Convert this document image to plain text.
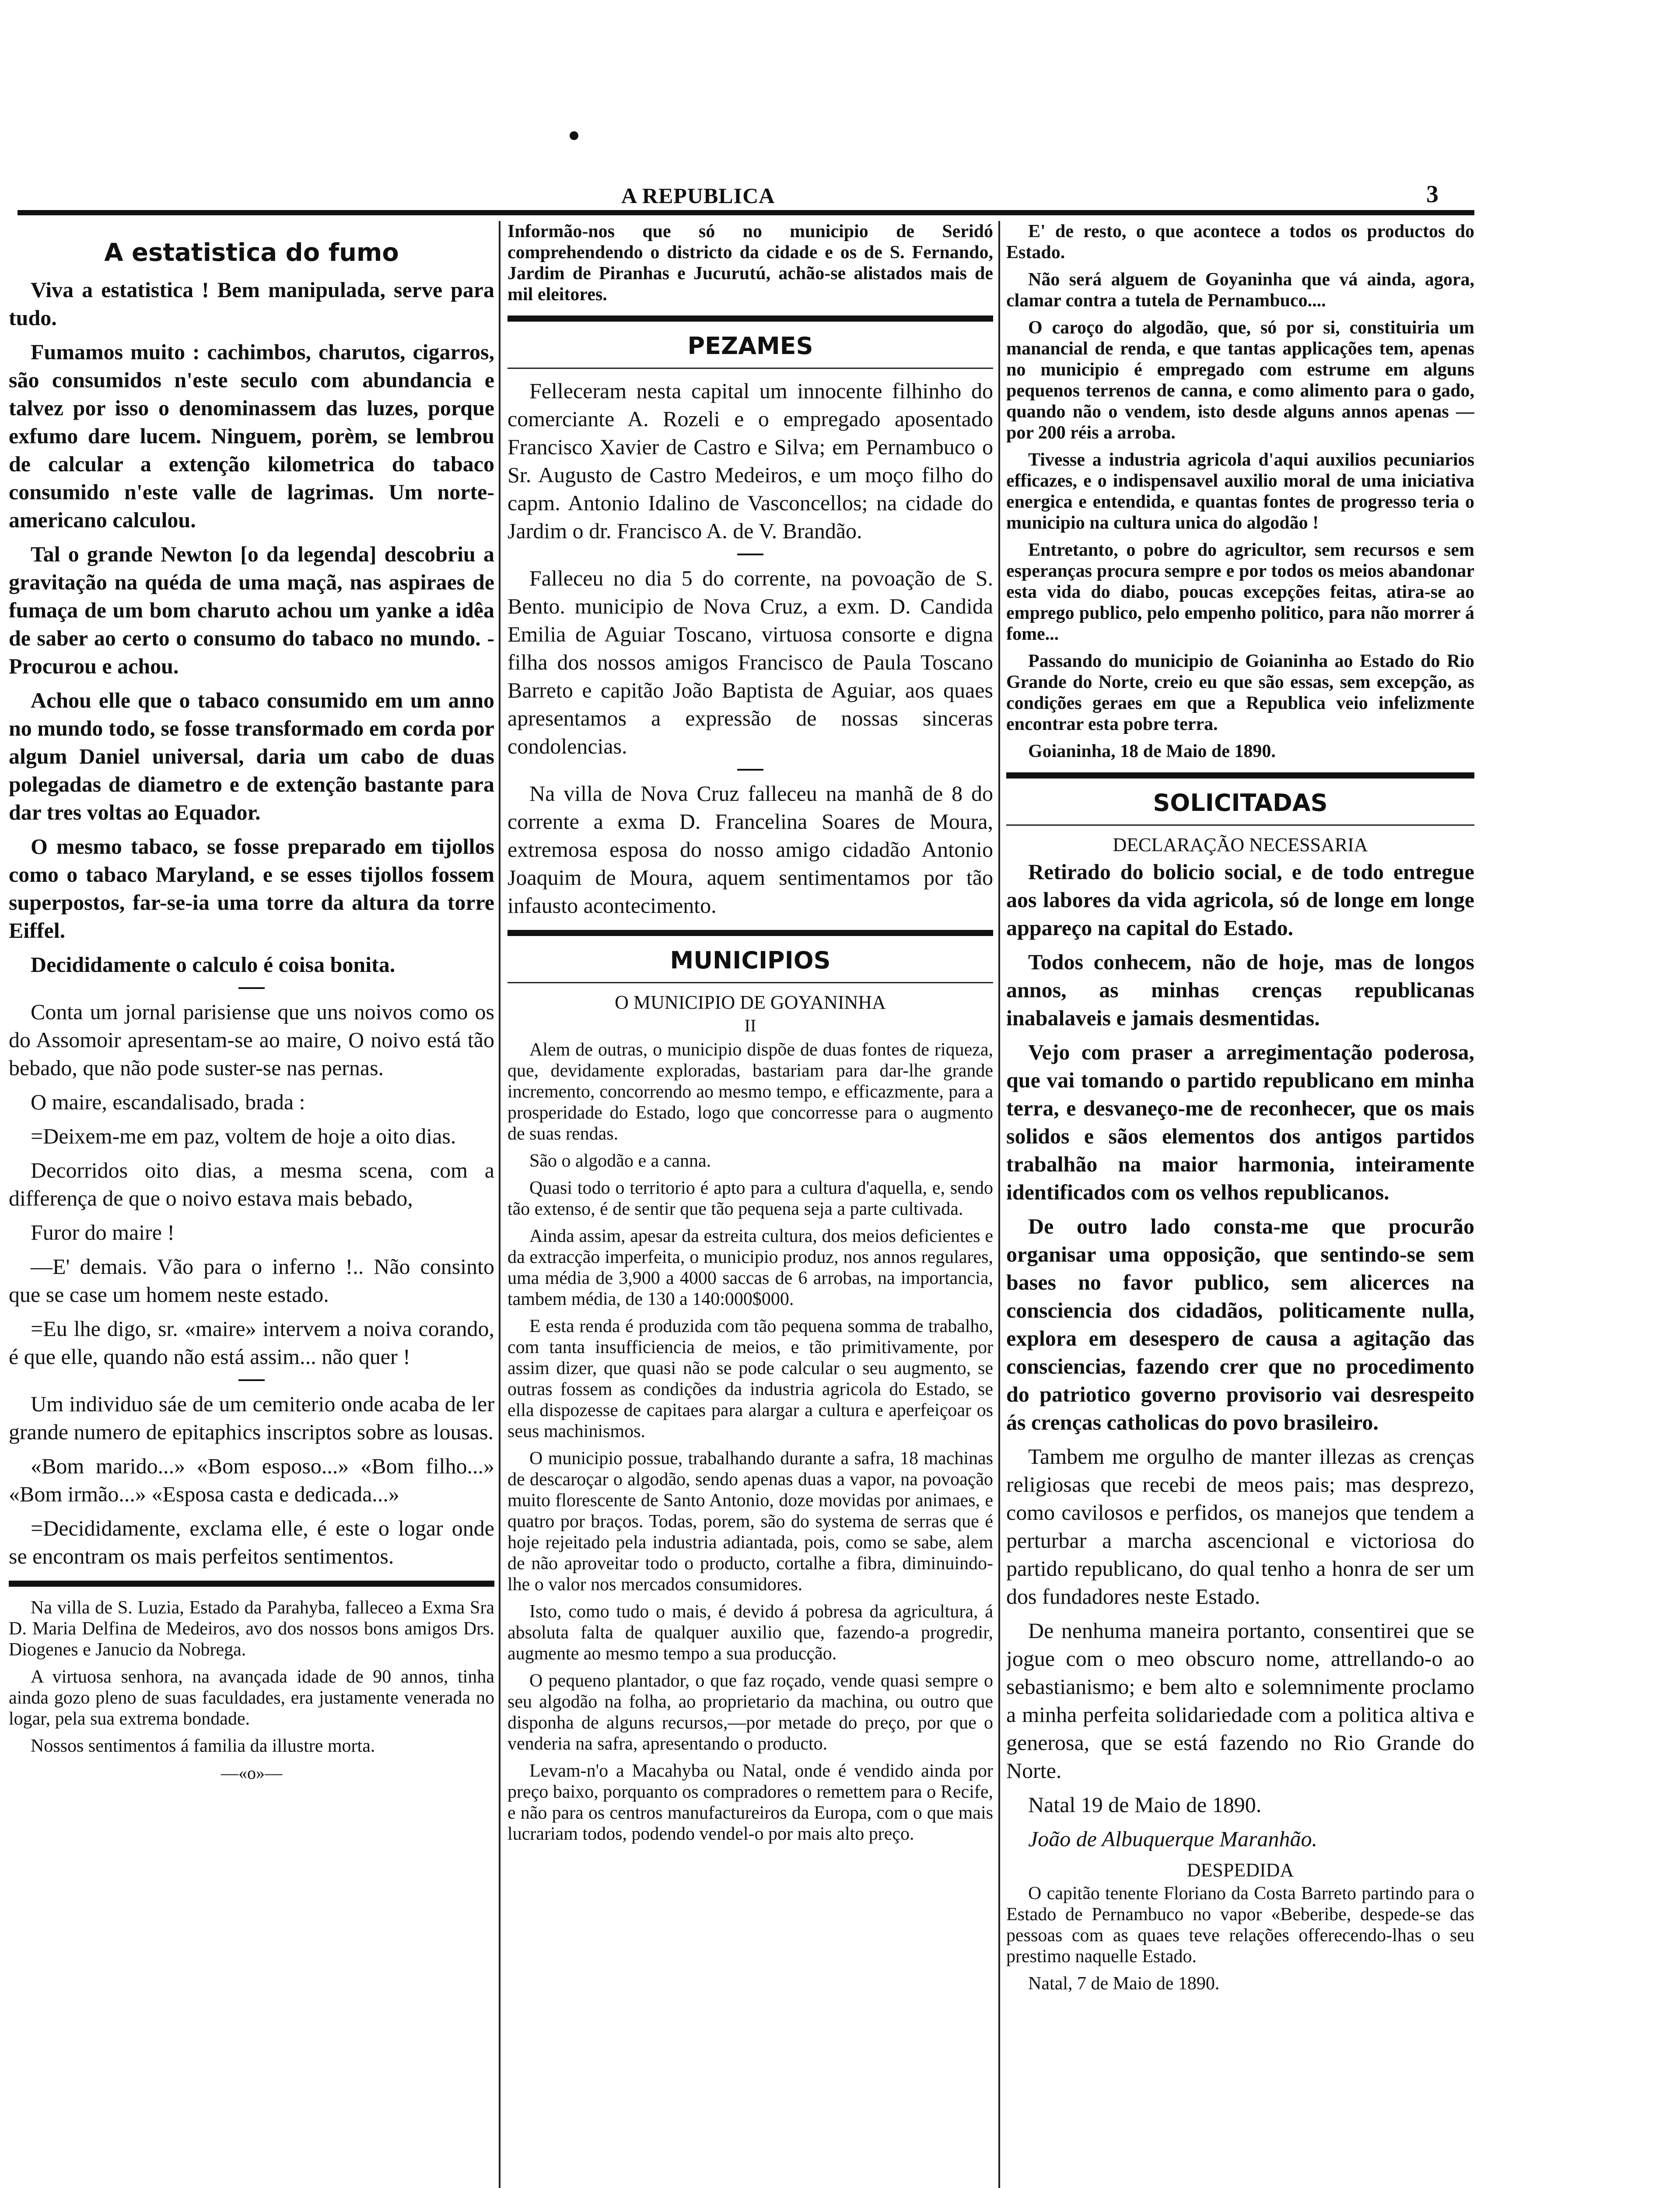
A REPUBLICA	3
A estatistica do fumo

Viva a estatistica ! Bem manipulada, serve para tudo.

Fumamos muito : cachimbos, charutos, cigarros, são consumidos n'este seculo com abundancia e talvez por isso o denominassem das luzes, porque exfumo dare lucem. Ninguem, porèm, se lembrou de calcular a extenção kilometrica do tabaco consumido n'este valle de lagrimas. Um norte-americano calculou.

Tal o grande Newton [o da legenda] descobriu a gravitação na quéda de uma maçã, nas aspiraes de fumaça de um bom charuto achou um yanke a idêa de saber ao certo o consumo do tabaco no mundo. -Procurou e achou.

Achou elle que o tabaco consumido em um anno no mundo todo, se fosse transformado em corda por algum Daniel universal, daria um cabo de duas polegadas de diametro e de extenção bastante para dar tres voltas ao Equador.

O mesmo tabaco, se fosse preparado em tijollos como o tabaco Maryland, e se esses tijollos fossem superpostos, far-se-ia uma torre da altura da torre Eiffel.

Decididamente o calculo é coisa bonita.

Conta um jornal parisiense que uns noivos como os do Assomoir apresentam-se ao maire, O noivo está tão bebado, que não pode suster-se nas pernas.

O maire, escandalisado, brada :

=Deixem-me em paz, voltem de hoje a oito dias.

Decorridos oito dias, a mesma scena, com a differença de que o noivo estava mais bebado,

Furor do maire !

—E' demais. Vão para o inferno !.. Não consinto que se case um homem neste estado.

=Eu lhe digo, sr. «maire» intervem a noiva corando, é que elle, quando não está assim... não quer !

Um individuo sáe de um cemiterio onde acaba de ler grande numero de epitaphics inscriptos sobre as lousas.

«Bom marido...» «Bom esposo...» «Bom filho...» «Bom irmão...» «Esposa casta e dedicada...»

=Decididamente, exclama elle, é este o logar onde se encontram os mais perfeitos sentimentos.

Na villa de S. Luzia, Estado da Parahyba, falleceo a Exma Sra D. Maria Delfina de Medeiros, avo dos nossos bons amigos Drs. Diogenes e Janucio da Nobrega.

A virtuosa senhora, na avançada idade de 90 annos, tinha ainda gozo pleno de suas faculdades, era justamente venerada no logar, pela sua extrema bondade.

Nossos sentimentos á familia da illustre morta.

—«o»—

Informão-nos que só no municipio de Seridó comprehendendo o districto da cidade e os de S. Fernando, Jardim de Piranhas e Jucurutú, achão-se alistados mais de mil eleitores.

PEZAMES

Felleceram nesta capital um innocente filhinho do comerciante A. Rozeli e o empregado aposentado Francisco Xavier de Castro e Silva; em Pernambuco o Sr. Augusto de Castro Medeiros, e um moço filho do capm. Antonio Idalino de Vasconcellos; na cidade do Jardim o dr. Francisco A. de V. Brandão.

Falleceu no dia 5 do corrente, na povoação de S. Bento. municipio de Nova Cruz, a exm. D. Candida Emilia de Aguiar Toscano, virtuosa consorte e digna filha dos nossos amigos Francisco de Paula Toscano Barreto e capitão João Baptista de Aguiar, aos quaes apresentamos a expressão de nossas sinceras condolencias.

Na villa de Nova Cruz falleceu na manhã de 8 do corrente a exma D. Francelina Soares de Moura, extremosa esposa do nosso amigo cidadão Antonio Joaquim de Moura, aquem sentimentamos por tão infausto acontecimento.

MUNICIPIOS
O MUNICIPIO DE GOYANINHA
II

Alem de outras, o municipio dispõe de duas fontes de riqueza, que, devidamente exploradas, bastariam para dar-lhe grande incremento, concorrendo ao mesmo tempo, e efficazmente, para a prosperidade do Estado, logo que concorresse para o augmento de suas rendas.

São o algodão e a canna.

Quasi todo o territorio é apto para a cultura d'aquella, e, sendo tão extenso, é de sentir que tão pequena seja a parte cultivada.

Ainda assim, apesar da estreita cultura, dos meios deficientes e da extracção imperfeita, o municipio produz, nos annos regulares, uma média de 3,900 a 4000 saccas de 6 arrobas, na importancia, tambem média, de 130 a 140:000$000.

E esta renda é produzida com tão pequena somma de trabalho, com tanta insufficiencia de meios, e tão primitivamente, por assim dizer, que quasi não se pode calcular o seu augmento, se outras fossem as condições da industria agricola do Estado, se ella dispozesse de capitaes para alargar a cultura e aperfeiçoar os seus machinismos.

O municipio possue, trabalhando durante a safra, 18 machinas de descaroçar o algodão, sendo apenas duas a vapor, na povoação muito florescente de Santo Antonio, doze movidas por animaes, e quatro por braços. Todas, porem, são do systema de serras que é hoje rejeitado pela industria adiantada, pois, como se sabe, alem de não aproveitar todo o producto, cortalhe a fibra, diminuindo-lhe o valor nos mercados consumidores.

Isto, como tudo o mais, é devido á pobresa da agricultura, á absoluta falta de qualquer auxilio que, fazendo-a progredir, augmente ao mesmo tempo a sua producção.

O pequeno plantador, o que faz roçado, vende quasi sempre o seu algodão na folha, ao proprietario da machina, ou outro que disponha de alguns recursos,—por metade do preço, por que o venderia na safra, apresentando o producto.

Levam-n'o a Macahyba ou Natal, onde é vendido ainda por preço baixo, porquanto os compradores o remettem para o Recife, e não para os centros manufactureiros da Europa, com o que mais lucrariam todos, podendo vendel-o por mais alto preço.

E' de resto, o que acontece a todos os productos do Estado.

Não será alguem de Goyaninha que vá ainda, agora, clamar contra a tutela de Pernambuco....

O caroço do algodão, que, só por si, constituiria um manancial de renda, e que tantas applicações tem, apenas no municipio é empregado com estrume em alguns pequenos terrenos de canna, e como alimento para o gado, quando não o vendem, isto desde alguns annos apenas —por 200 réis a arroba.

Tivesse a industria agricola d'aqui auxilios pecuniarios efficazes, e o indispensavel auxilio moral de uma iniciativa energica e entendida, e quantas fontes de progresso teria o municipio na cultura unica do algodão !

Entretanto, o pobre do agricultor, sem recursos e sem esperanças procura sempre e por todos os meios abandonar esta vida do diabo, poucas excepções feitas, atira-se ao emprego publico, pelo empenho politico, para não morrer á fome...

Passando do municipio de Goianinha ao Estado do Rio Grande do Norte, creio eu que são essas, sem excepção, as condições geraes em que a Republica veio infelizmente encontrar esta pobre terra.

Goianinha, 18 de Maio de 1890.

SOLICITADAS
DECLARAÇÃO NECESSARIA

Retirado do bolicio social, e de todo entregue aos labores da vida agricola, só de longe em longe appareço na capital do Estado.

Todos conhecem, não de hoje, mas de longos annos, as minhas crenças republicanas inabalaveis e jamais desmentidas.

Vejo com praser a arregimentação poderosa, que vai tomando o partido republicano em minha terra, e desvaneço-me de reconhecer, que os mais solidos e sãos elementos dos antigos partidos trabalhão na maior harmonia, inteiramente identificados com os velhos republicanos.

De outro lado consta-me que procurão organisar uma opposição, que sentindo-se sem bases no favor publico, sem alicerces na consciencia dos cidadãos, politicamente nulla, explora em desespero de causa a agitação das consciencias, fazendo crer que no procedimento do patriotico governo provisorio vai desrespeito ás crenças catholicas do povo brasileiro.

Tambem me orgulho de manter illezas as crenças religiosas que recebi de meos pais; mas desprezo, como cavilosos e perfidos, os manejos que tendem a perturbar a marcha ascencional e victoriosa do partido republicano, do qual tenho a honra de ser um dos fundadores neste Estado.

De nenhuma maneira portanto, consentirei que se jogue com o meo obscuro nome, attrellando-o ao sebastianismo; e bem alto e solemnimente proclamo a minha perfeita solidariedade com a politica altiva e generosa, que se está fazendo no Rio Grande do Norte.

Natal 19 de Maio de 1890.

João de Albuquerque Maranhão.

DESPEDIDA

O capitão tenente Floriano da Costa Barreto partindo para o Estado de Pernambuco no vapor «Beberibe, despede-se das pessoas com as quaes teve relações offerecendo-lhas o seu prestimo naquelle Estado.

Natal, 7 de Maio de 1890.
